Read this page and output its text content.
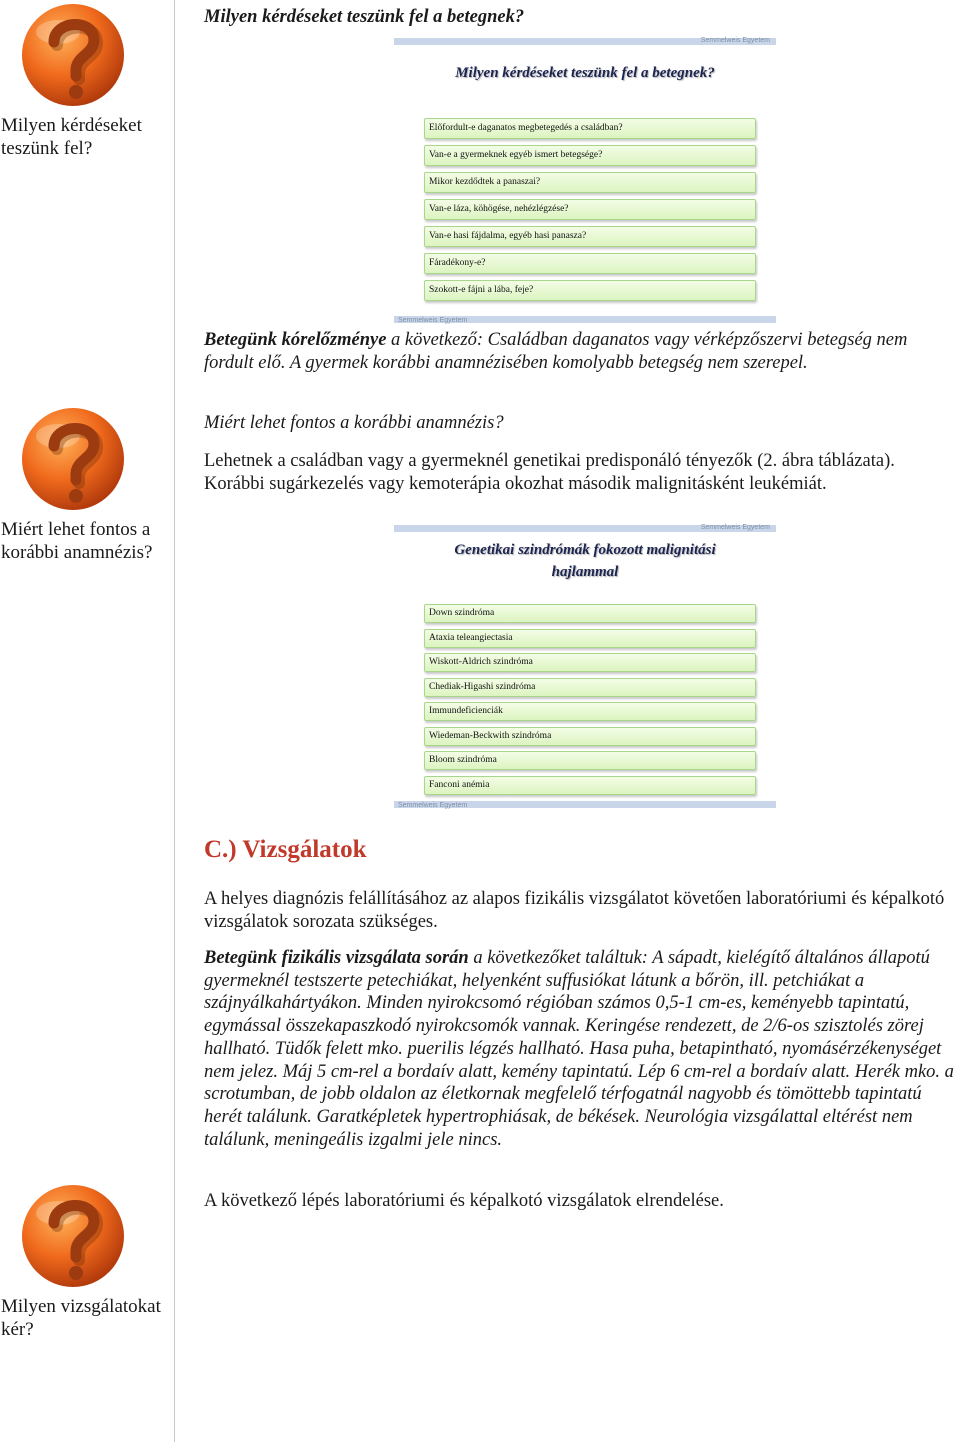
Milyen kérdéseket teszünk fel?
Miért lehet fontos a korábbi anamnézis?
Milyen vizsgálatokat kér?
Milyen kérdéseket teszünk fel a betegnek?
Semmelweis Egyetem
Milyen kérdéseket teszünk fel a betegnek?
Előfordult-e daganatos megbetegedés a családban?
Van-e a gyermeknek egyéb ismert betegsége?
Mikor kezdődtek a panaszai?
Van-e láza, köhögése, nehézlégzése?
Van-e hasi fájdalma, egyéb hasi panasza?
Fáradékony-e?
Szokott-e fájni a lába, feje?
Semmelweis Egyetem
Betegünk kórelőzménye a következő: Családban daganatos vagy vérképzőszervi betegség nem fordult elő. A gyermek korábbi anamnézisében komolyabb betegség nem szerepel.
Miért lehet fontos a korábbi anamnézis?
Lehetnek a családban vagy a gyermeknél genetikai predisponáló tényezők (2. ábra táblázata). Korábbi sugárkezelés vagy kemoterápia okozhat második malignitásként leukémiát.
Semmelweis Egyetem
Genetikai szindrómák fokozott malignitási
hajlammal
Down szindróma
Ataxia teleangiectasia
Wiskott-Aldrich szindróma
Chediak-Higashi szindróma
Immundeficienciák
Wiedeman-Beckwith szindróma
Bloom szindróma
Fanconi anémia
Semmelweis Egyetem
C.) Vizsgálatok
A helyes diagnózis felállításához az alapos fizikális vizsgálatot követően laboratóriumi és képalkotó vizsgálatok sorozata szükséges.
Betegünk fizikális vizsgálata során a következőket találtuk: A sápadt, kielégítő általános állapotú gyermeknél testszerte petechiákat, helyenként suffusiókat látunk a bőrön, ill. petchiákat a szájnyálkahártyákon. Minden nyirokcsomó régióban számos 0,5-1 cm-es, keményebb tapintatú, egymással összekapaszkodó nyirokcsomók vannak. Keringése rendezett, de 2/6-os szisztolés zörej hallható. Tüdők felett mko. puerilis légzés hallható. Hasa puha, betapintható, nyomásérzékenységet nem jelez. Máj 5 cm-rel a bordaív alatt, kemény tapintatú. Lép 6 cm-rel a bordaív alatt. Herék mko. a scrotumban, de jobb oldalon az életkornak megfelelő térfogatnál nagyobb és tömöttebb tapintatú herét találunk. Garatképletek hypertrophiásak, de békések. Neurológia vizsgálattal eltérést nem találunk, meningeális izgalmi jele nincs.
A következő lépés laboratóriumi és képalkotó vizsgálatok elrendelése.
